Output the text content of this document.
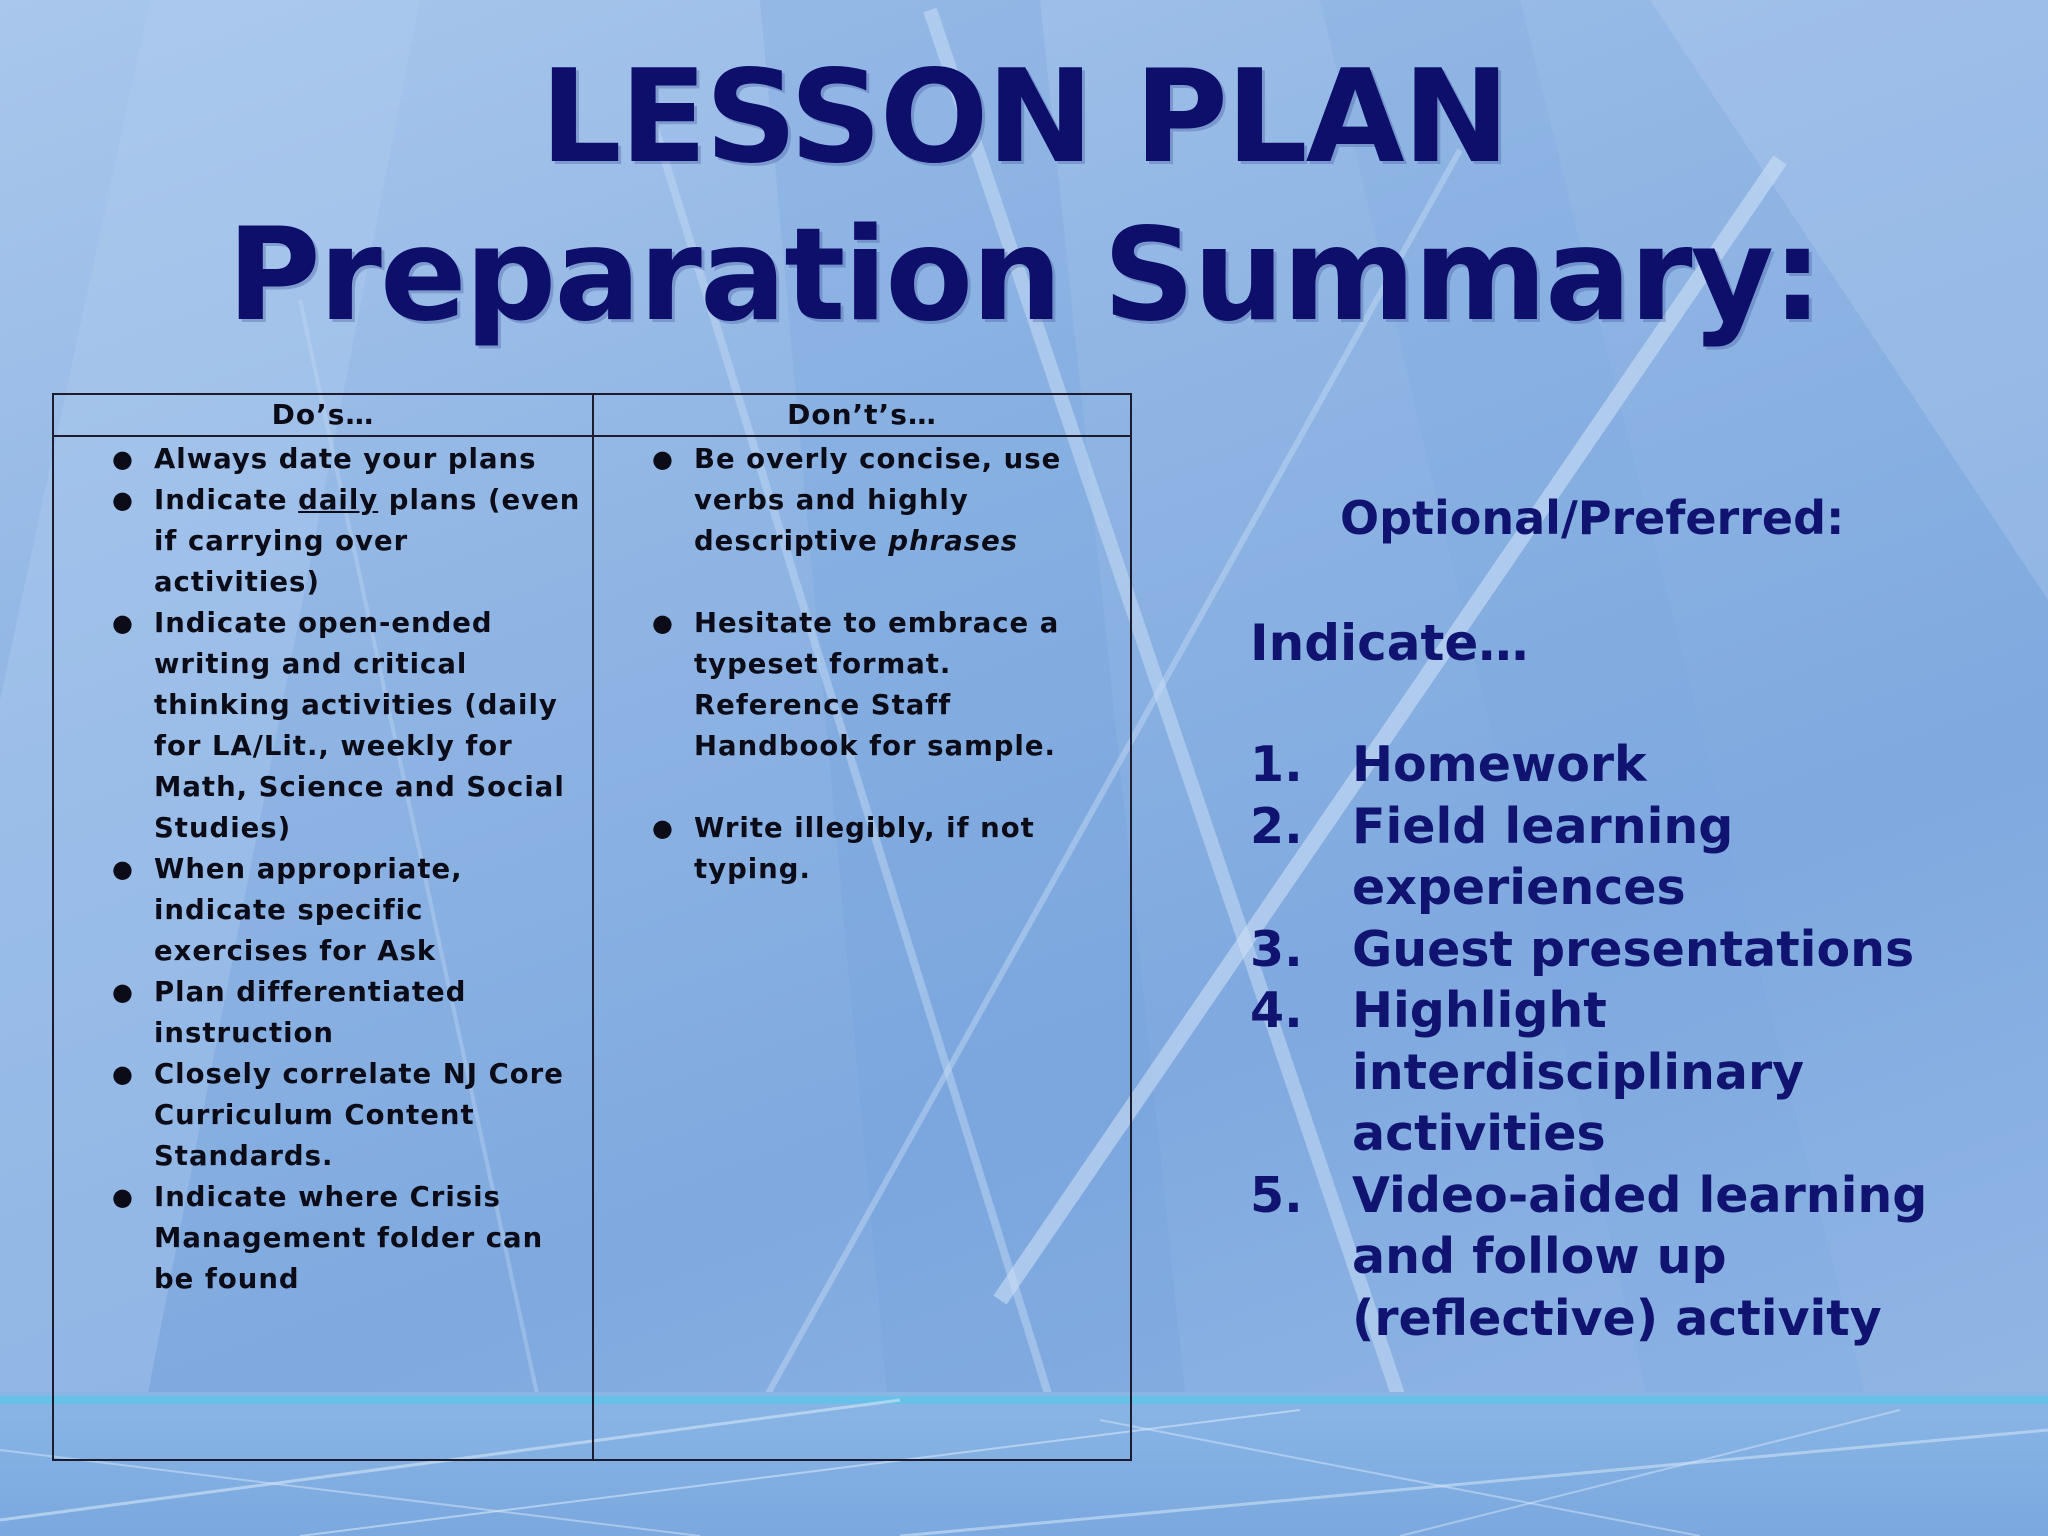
LESSON PLAN
Preparation Summary:
Do’s…
● Always date your plans
● Indicate daily plans (even if carrying over activities)
● Indicate open-ended writing and critical thinking activities (daily for LA/Lit., weekly for Math, Science and Social Studies)
● When appropriate, indicate specific exercises for Ask
● Plan differentiated instruction
● Closely correlate NJ Core Curriculum Content Standards.
● Indicate where Crisis Management folder can be found
Don’t’s…
● Be overly concise, use verbs and highly descriptive phrases
● Hesitate to embrace a typeset format. Reference Staff Handbook for sample.
● Write illegibly, if not typing.

Optional/Preferred:

Indicate…

1. Homework
2. Field learning experiences
3. Guest presentations
4. Highlight interdisciplinary activities
5. Video-aided learning and follow up (reflective) activity
